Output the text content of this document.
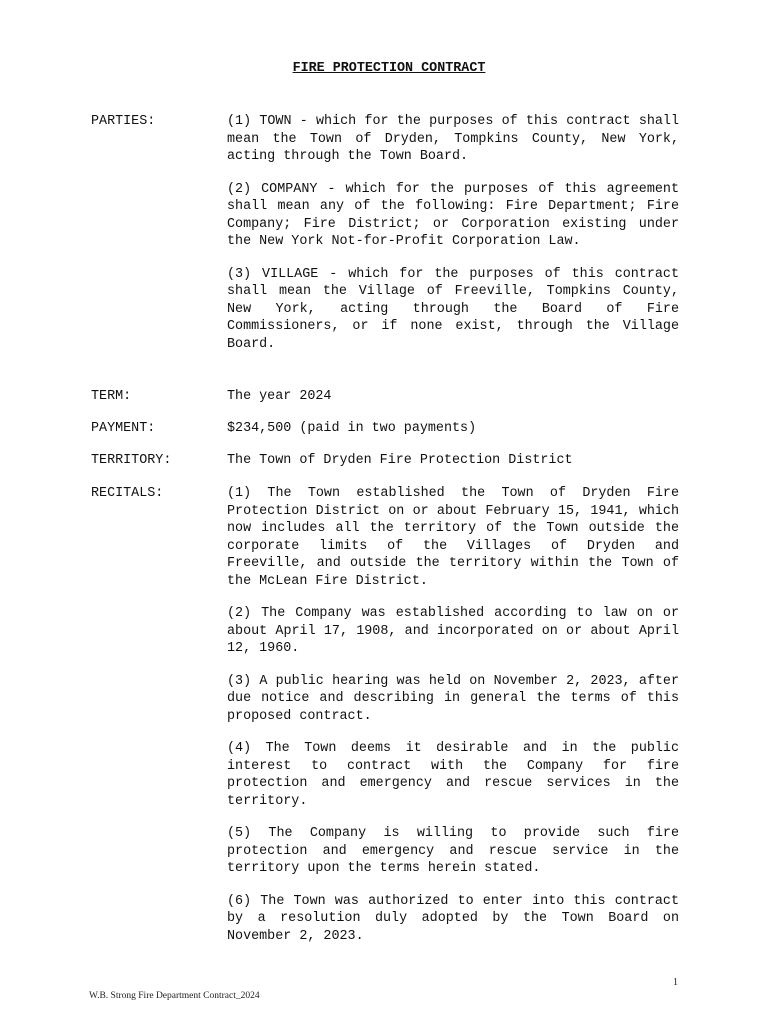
FIRE PROTECTION CONTRACT
PARTIES:	(1) TOWN - which for the purposes of this contract shall mean the Town of Dryden, Tompkins County, New York, acting through the Town Board.

(2) COMPANY - which for the purposes of this agreement shall mean any of the following: Fire Department; Fire Company; Fire District; or Corporation existing under the New York Not-for-Profit Corporation Law.

(3) VILLAGE - which for the purposes of this contract shall mean the Village of Freeville, Tompkins County, New York, acting through the Board of Fire Commissioners, or if none exist, through the Village Board.

TERM:	The year 2024

PAYMENT:	$234,500 (paid in two payments)

TERRITORY:	The Town of Dryden Fire Protection District

RECITALS:	(1) The Town established the Town of Dryden Fire Protection District on or about February 15, 1941, which now includes all the territory of the Town outside the corporate limits of the Villages of Dryden and Freeville, and outside the territory within the Town of the McLean Fire District.

(2) The Company was established according to law on or about April 17, 1908, and incorporated on or about April 12, 1960.

(3) A public hearing was held on November 2, 2023, after due notice and describing in general the terms of this proposed contract.

(4) The Town deems it desirable and in the public interest to contract with the Company for fire protection and emergency and rescue services in the territory.

(5) The Company is willing to provide such fire protection and emergency and rescue service in the territory upon the terms herein stated.

(6) The Town was authorized to enter into this contract by a resolution duly adopted by the Town Board on November 2, 2023.

1
W.B. Strong Fire Department Contract_2024
